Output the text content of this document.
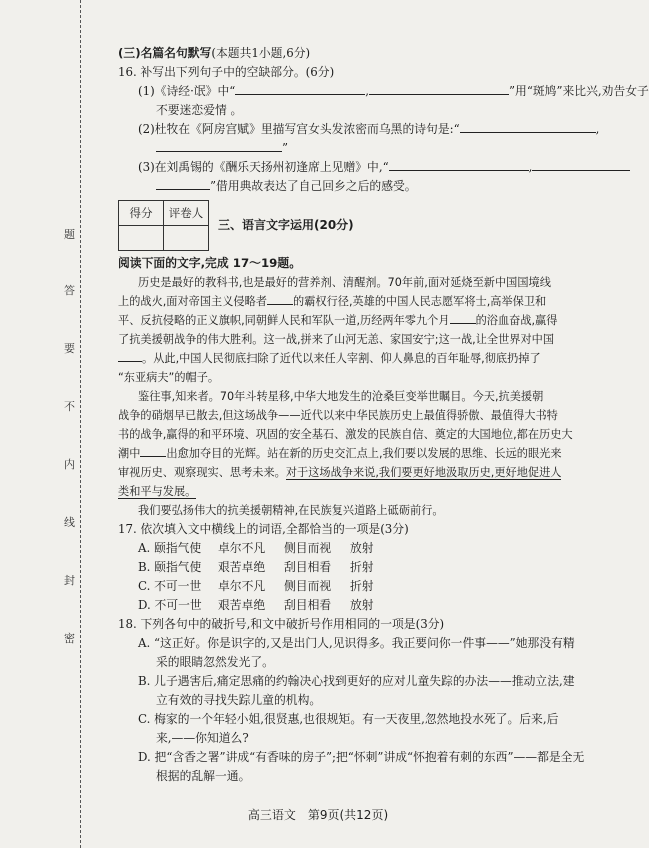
题
答
要
不
内
线
封
密
(三)名篇名句默写(本题共1小题,6分)
16. 补写出下列句子中的空缺部分。(6分)
(1)《诗经·氓》中“	,	”用“斑鸠”来比兴,劝告女子
不要迷恋爱情 。
(2)杜牧在《阿房宫赋》里描写宫女头发浓密而乌黑的诗句是:“	,
”
(3)在刘禹锡的《酬乐天扬州初逢席上见赠》中,“	,
”借用典故表达了自己回乡之后的感受。
得分	评卷人

三、语言文字运用(20分)
阅读下面的文字,完成 17～19题。
历史是最好的教科书,也是最好的营养剂、清醒剂。70年前,面对延烧至新中国国境线
上的战火,面对帝国主义侵略者 的霸权行径,英雄的中国人民志愿军将士,高举保卫和
平、反抗侵略的正义旗帜,同朝鲜人民和军队一道,历经两年零九个月 的浴血奋战,赢得
了抗美援朝战争的伟大胜利。这一战,拼来了山河无恙、家国安宁;这一战,让全世界对中国
。从此,中国人民彻底扫除了近代以来任人宰割、仰人鼻息的百年耻辱,彻底扔掉了
“东亚病夫”的帽子。
鉴往事,知来者。70年斗转星移,中华大地发生的沧桑巨变举世瞩目。今天,抗美援朝
战争的硝烟早已散去,但这场战争——近代以来中华民族历史上最值得骄傲、最值得大书特
书的战争,赢得的和平环境、巩固的安全基石、激发的民族自信、奠定的大国地位,都在历史大
潮中 出愈加夺目的光辉。站在新的历史交汇点上,我们要以发展的思维、长远的眼光来
审视历史、观察现实、思考未来。对于这场战争来说,我们要更好地汲取历史,更好地促进人
类和平与发展。
我们要弘扬伟大的抗美援朝精神,在民族复兴道路上砥砺前行。
17. 依次填入文中横线上的词语,全都恰当的一项是(3分)
A. 颐指气使 卓尔不凡 侧目而视 放射
B. 颐指气使 艰苦卓绝 刮目相看 折射
C. 不可一世 卓尔不凡 侧目而视 折射
D. 不可一世 艰苦卓绝 刮目相看 放射
18. 下列各句中的破折号,和文中破折号作用相同的一项是(3分)
A. “这正好。你是识字的,又是出门人,见识得多。我正要问你一件事——”她那没有精
采的眼睛忽然发光了。
B. 儿子遇害后,痛定思痛的约翰决心找到更好的应对儿童失踪的办法——推动立法,建
立有效的寻找失踪儿童的机构。
C. 梅家的一个年轻小姐,很贤惠,也很规矩。有一天夜里,忽然地投水死了。后来,后
来,——你知道么?
D. 把“含香之署”讲成“有香味的房子”;把“怀刺”讲成“怀抱着有刺的东西”——都是全无
根据的乱解一通。
高三语文　第9页(共12页)
